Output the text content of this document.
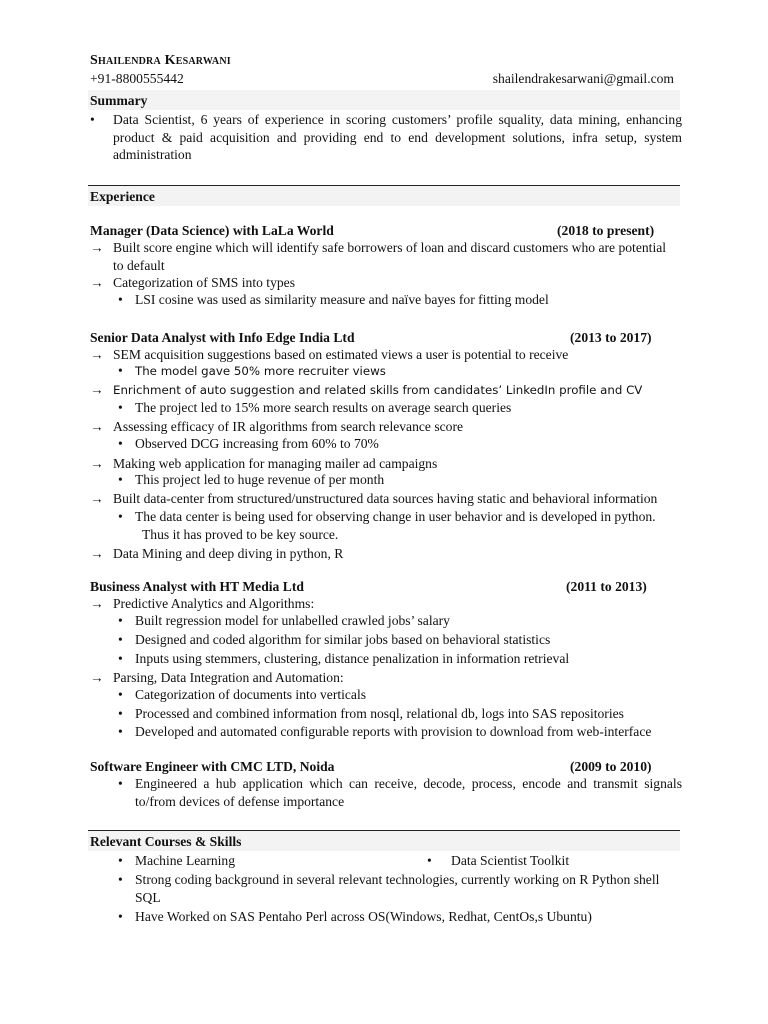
Shailendra Kesarwani
+91-8800555442	shailendrakesarwani@gmail.com
Summary
• Data Scientist, 6 years of experience in scoring customers’ profile squality, data mining, enhancing
product & paid acquisition and providing end to end development solutions, infra setup, system
administration
Experience
Manager (Data Science) with LaLa World	(2018 to present)
→ Built score engine which will identify safe borrowers of loan and discard customers who are potential
to default
→ Categorization of SMS into types
• LSI cosine was used as similarity measure and naïve bayes for fitting model
Senior Data Analyst with Info Edge India Ltd	(2013 to 2017)
→ SEM acquisition suggestions based on estimated views a user is potential to receive
• The model gave 50% more recruiter views
→ Enrichment of auto suggestion and related skills from candidates’ LinkedIn profile and CV
• The project led to 15% more search results on average search queries
→ Assessing efficacy of IR algorithms from search relevance score
• Observed DCG increasing from 60% to 70%
→ Making web application for managing mailer ad campaigns
• This project led to huge revenue of per month
→ Built data-center from structured/unstructured data sources having static and behavioral information
• The data center is being used for observing change in user behavior and is developed in python.
Thus it has proved to be key source.
→ Data Mining and deep diving in python, R
Business Analyst with HT Media Ltd	(2011 to 2013)
→ Predictive Analytics and Algorithms:
• Built regression model for unlabelled crawled jobs’ salary
• Designed and coded algorithm for similar jobs based on behavioral statistics
• Inputs using stemmers, clustering, distance penalization in information retrieval
→ Parsing, Data Integration and Automation:
• Categorization of documents into verticals
• Processed and combined information from nosql, relational db, logs into SAS repositories
• Developed and automated configurable reports with provision to download from web-interface
Software Engineer with CMC LTD, Noida	(2009 to 2010)
• Engineered a hub application which can receive, decode, process, encode and transmit signals
to/from devices of defense importance
Relevant Courses & Skills
• Machine Learning	• Data Scientist Toolkit
• Strong coding background in several relevant technologies, currently working on R Python shell
SQL
• Have Worked on SAS Pentaho Perl across OS(Windows, Redhat, CentOs,s Ubuntu)
